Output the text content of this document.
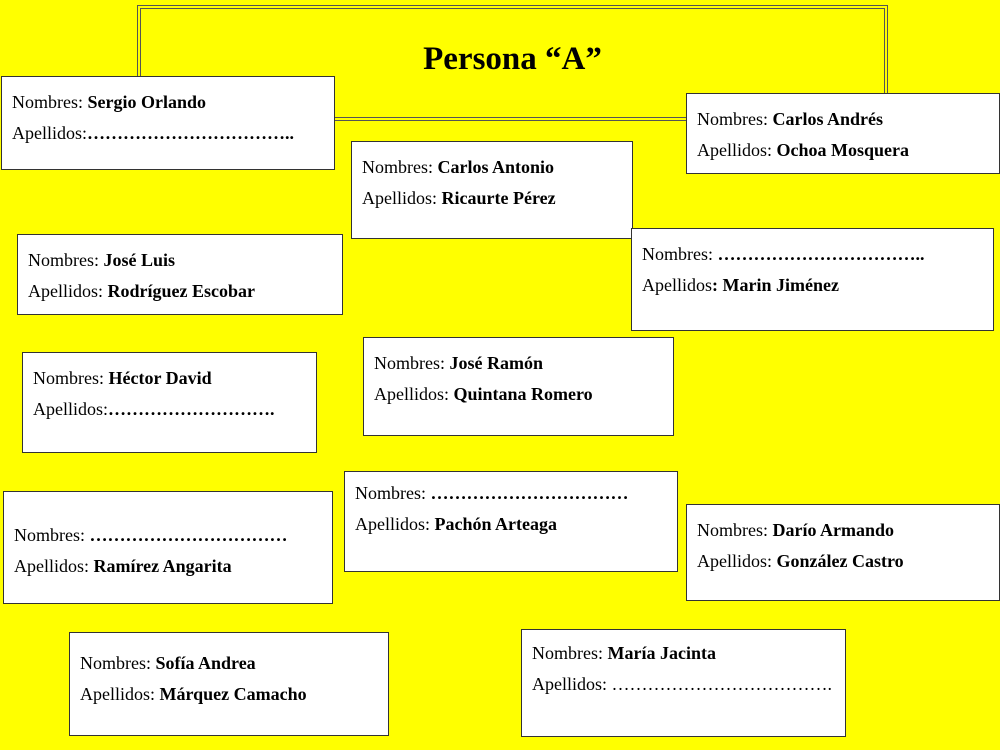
Persona “A”
Nombres: Sergio Orlando
Apellidos:……………………………..
Nombres: Carlos Andrés
Apellidos: Ochoa Mosquera
Nombres: Carlos Antonio
Apellidos: Ricaurte Pérez
Nombres: José Luis
Apellidos: Rodríguez Escobar
Nombres: ……………………………..
Apellidos: Marin Jiménez
Nombres: Héctor David
Apellidos:……………………….
Nombres: José Ramón
Apellidos: Quintana Romero
Nombres: ……………………………
Apellidos: Pachón Arteaga
Nombres: ……………………………
Apellidos: Ramírez Angarita
Nombres: Darío Armando
Apellidos: González Castro
Nombres: Sofía Andrea
Apellidos: Márquez Camacho
Nombres: María Jacinta
Apellidos: ……………………………….
